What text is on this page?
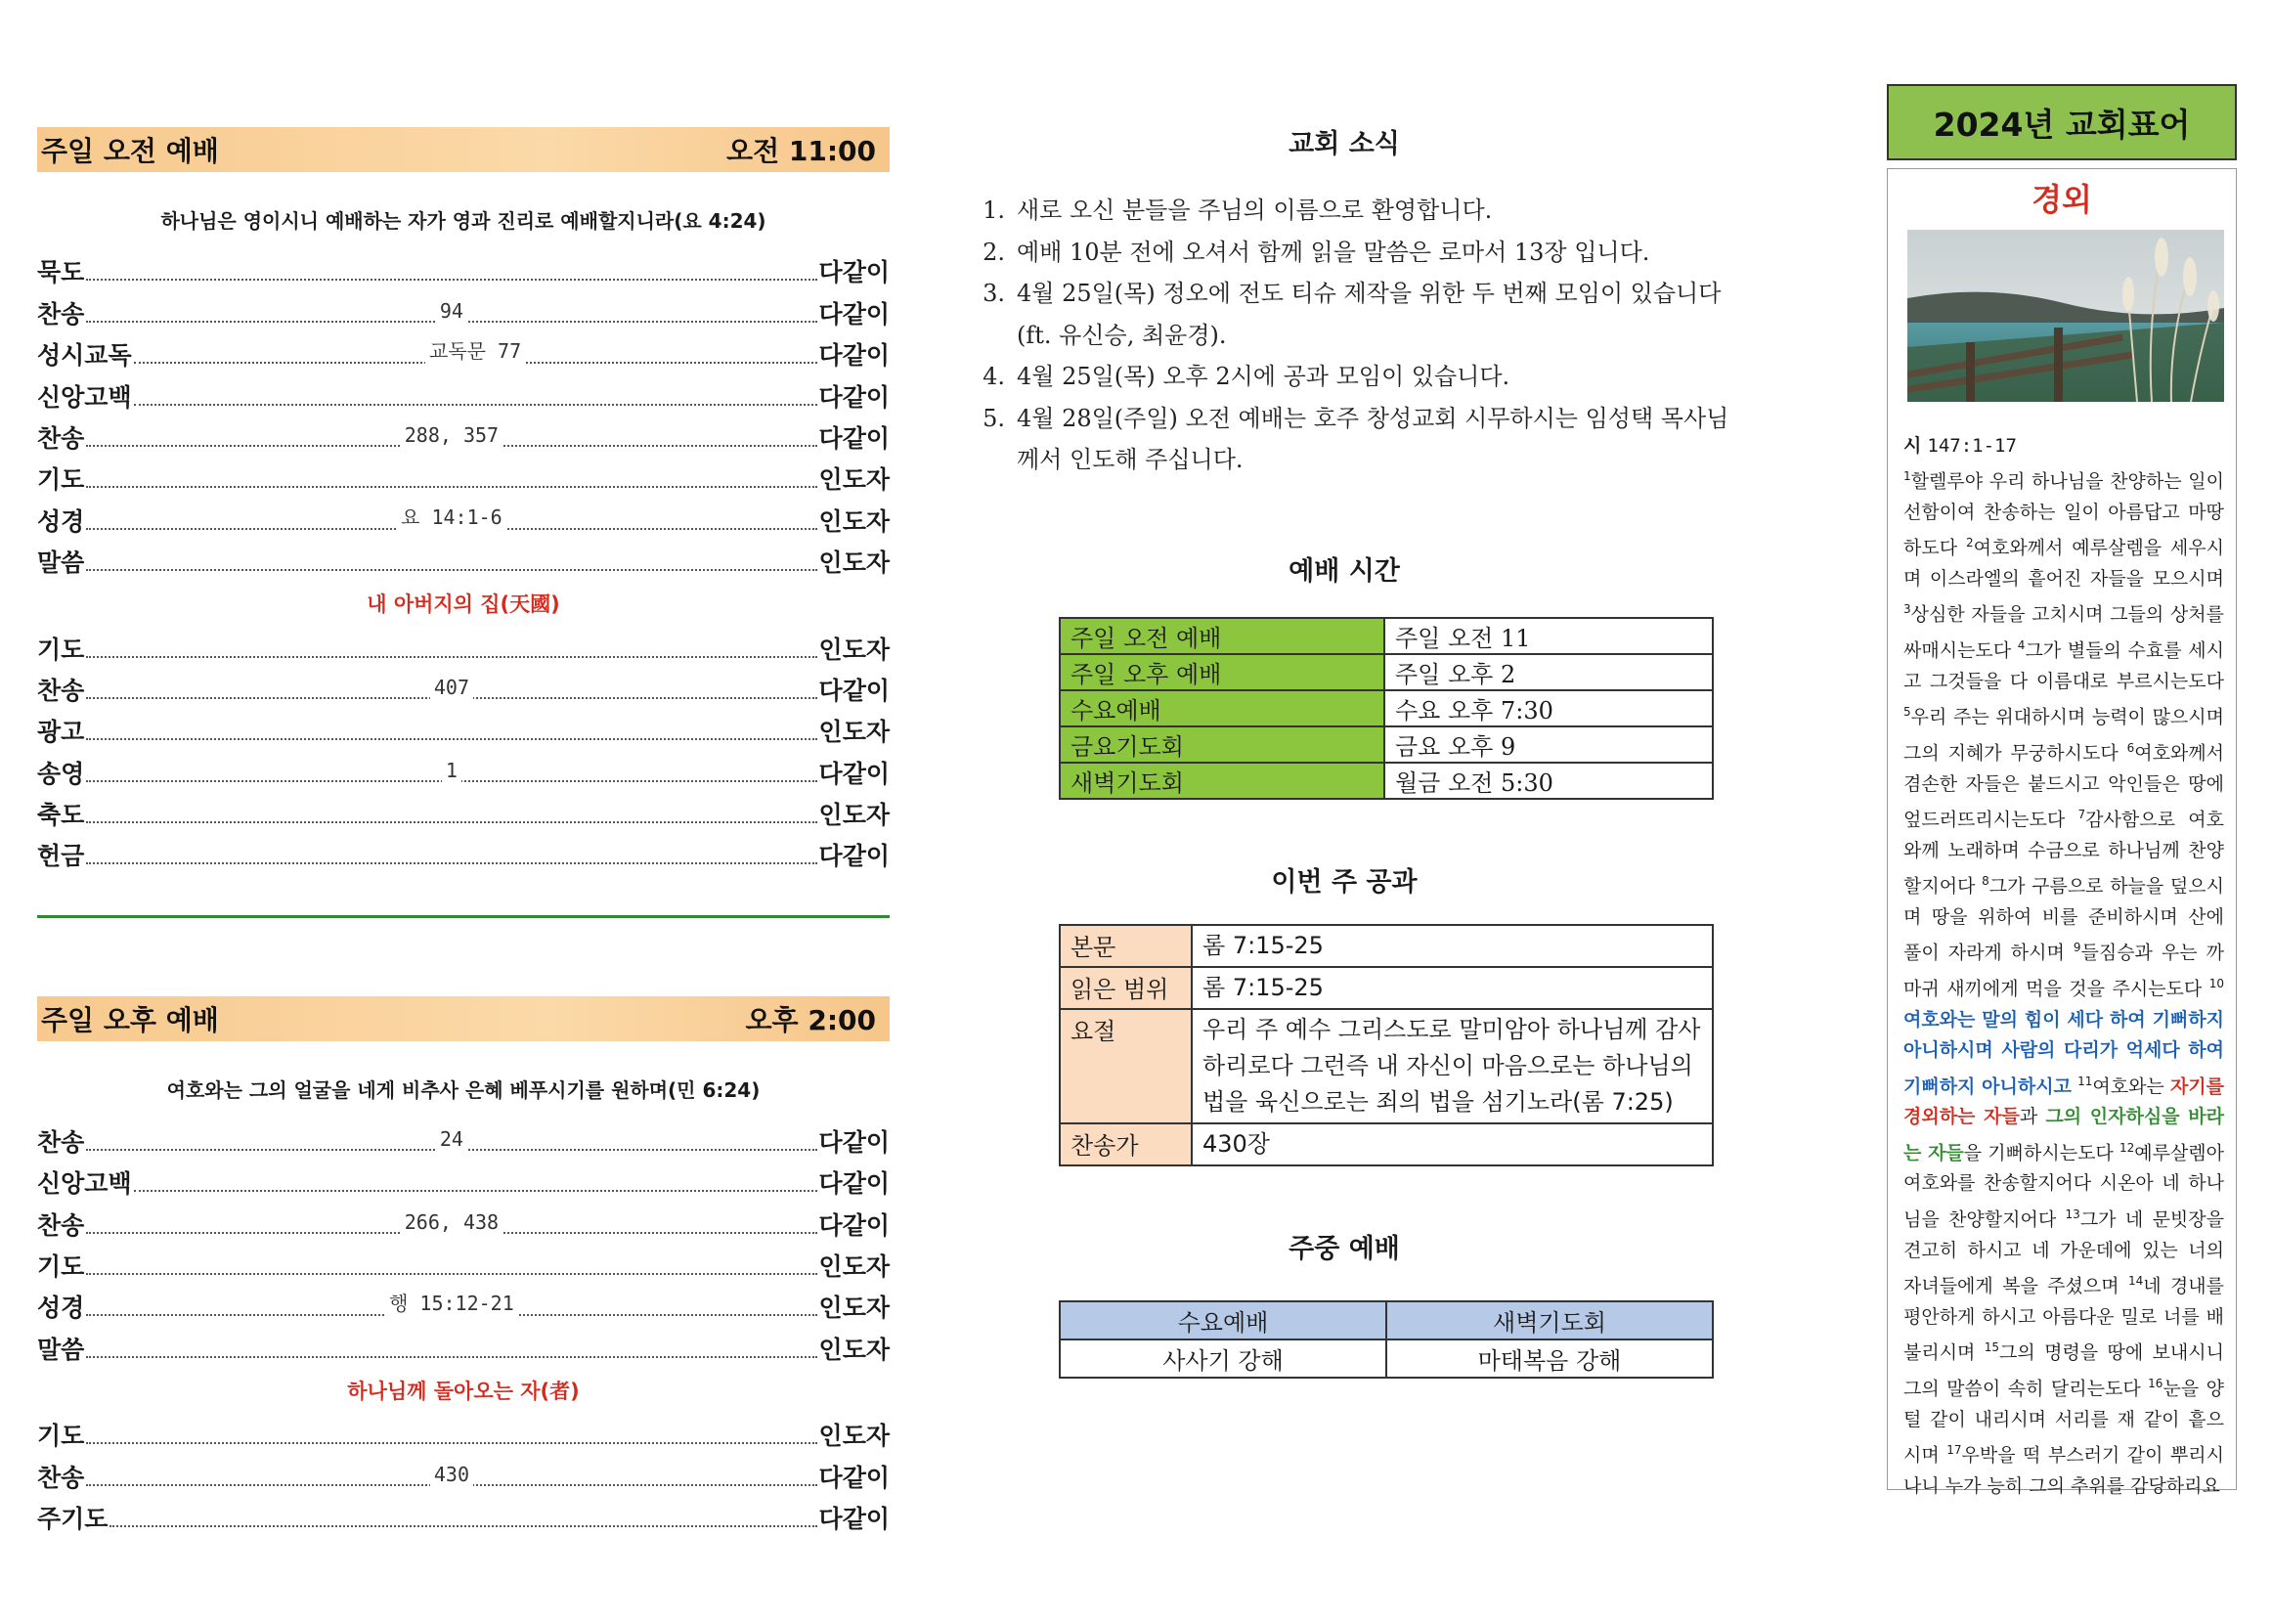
주일 오전 예배	오전 11:00
하나님은 영이시니 예배하는 자가 영과 진리로 예배할지니라(요 4:24)
묵도	다같이
찬송	94	다같이
성시교독	교독문 77	다같이
신앙고백	다같이
찬송	288, 357	다같이
기도	인도자
성경	요 14:1-6	인도자
말씀	인도자
내 아버지의 집(天國)
기도	인도자
찬송	407	다같이
광고	인도자
송영	1	다같이
축도	인도자
헌금	다같이
주일 오후 예배	오후 2:00
여호와는 그의 얼굴을 네게 비추사 은혜 베푸시기를 원하며(민 6:24)
찬송	24	다같이
신앙고백	다같이
찬송	266, 438	다같이
기도	인도자
성경	행 15:12-21	인도자
말씀	인도자
하나님께 돌아오는 자(者)
기도	인도자
찬송	430	다같이
주기도	다같이
교회 소식
1. 새로 오신 분들을 주님의 이름으로 환영합니다.
2. 예배 10분 전에 오셔서 함께 읽을 말씀은 로마서 13장 입니다.
3. 4월 25일(목) 정오에 전도 티슈 제작을 위한 두 번째 모임이 있습니다(ft. 유신승, 최윤경).
4. 4월 25일(목) 오후 2시에 공과 모임이 있습니다.
5. 4월 28일(주일) 오전 예배는 호주 창성교회 시무하시는 임성택 목사님께서 인도해 주십니다.
예배 시간
주일 오전 예배	주일 오전 11
주일 오후 예배	주일 오후 2
수요예배	수요 오후 7:30
금요기도회	금요 오후 9
새벽기도회	월금 오전 5:30
이번 주 공과
본문	롬 7:15-25
읽은 범위	롬 7:15-25
요절	우리 주 예수 그리스도로 말미암아 하나님께 감사하리로다 그런즉 내 자신이 마음으로는 하나님의 법을 육신으로는 죄의 법을 섬기노라(롬 7:25)
찬송가	430장
주중 예배
수요예배	새벽기도회
사사기 강해	마태복음 강해
2024년 교회표어
경외
시 147:1-17
$^1$할렐루야 우리 하나님을 찬양하는 일이 선함이여 찬송하는 일이 아름답고 마땅하도다 $^2$여호와께서 예루살렘을 세우시며 이스라엘의 흩어진 자들을 모으시며 $^3$상심한 자들을 고치시며 그들의 상처를 싸매시는도다 $^4$그가 별들의 수효를 세시고 그것들을 다 이름대로 부르시는도다 $^5$우리 주는 위대하시며 능력이 많으시며 그의 지혜가 무궁하시도다 $^6$여호와께서 겸손한 자들은 붙드시고 악인들은 땅에 엎드러뜨리시는도다 $^7$감사함으로 여호와께 노래하며 수금으로 하나님께 찬양할지어다 $^8$그가 구름으로 하늘을 덮으시며 땅을 위하여 비를 준비하시며 산에 풀이 자라게 하시며 $^9$들짐승과 우는 까마귀 새끼에게 먹을 것을 주시는도다 $^{10}$여호와는 말의 힘이 세다 하여 기뻐하지 아니하시며 사람의 다리가 억세다 하여 기뻐하지 아니하시고 $^{11}$여호와는 자기를 경외하는 자들과 그의 인자하심을 바라는 자들을 기뻐하시는도다 $^{12}$예루살렘아 여호와를 찬송할지어다 시온아 네 하나님을 찬양할지어다 $^{13}$그가 네 문빗장을 견고히 하시고 네 가운데에 있는 너의 자녀들에게 복을 주셨으며 $^{14}$네 경내를 평안하게 하시고 아름다운 밀로 너를 배불리시며 $^{15}$그의 명령을 땅에 보내시니 그의 말씀이 속히 달리는도다 $^{16}$눈을 양털 같이 내리시며 서리를 재 같이 흩으시며 $^{17}$우박을 떡 부스러기 같이 뿌리시나니 누가 능히 그의 추위를 감당하리요
